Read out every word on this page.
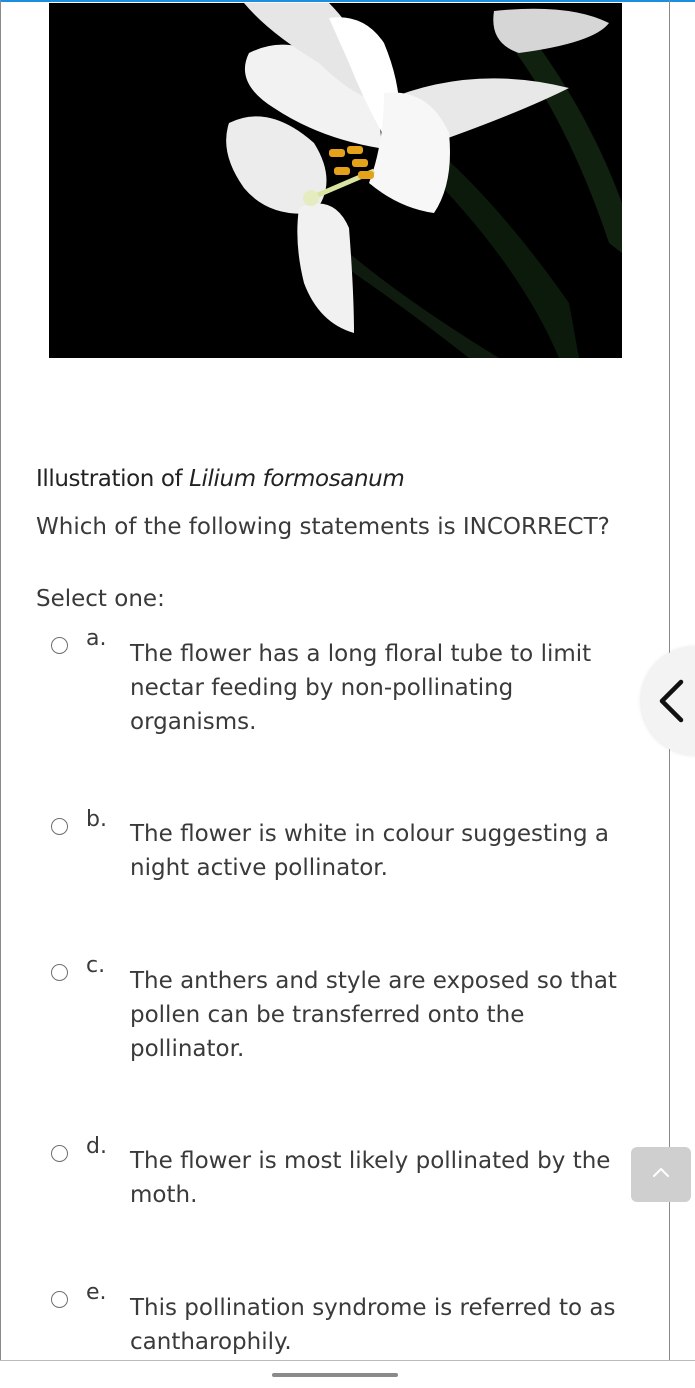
Illustration of Lilium formosanum
Which of the following statements is INCORRECT?
Select one:
a.
The flower has a long floral tube to limit nectar feeding by non-pollinating organisms.
b.
The flower is white in colour suggesting a night active pollinator.
c.
The anthers and style are exposed so that pollen can be transferred onto the pollinator.
d.
The flower is most likely pollinated by the moth.
e.
This pollination syndrome is referred to as cantharophily.
